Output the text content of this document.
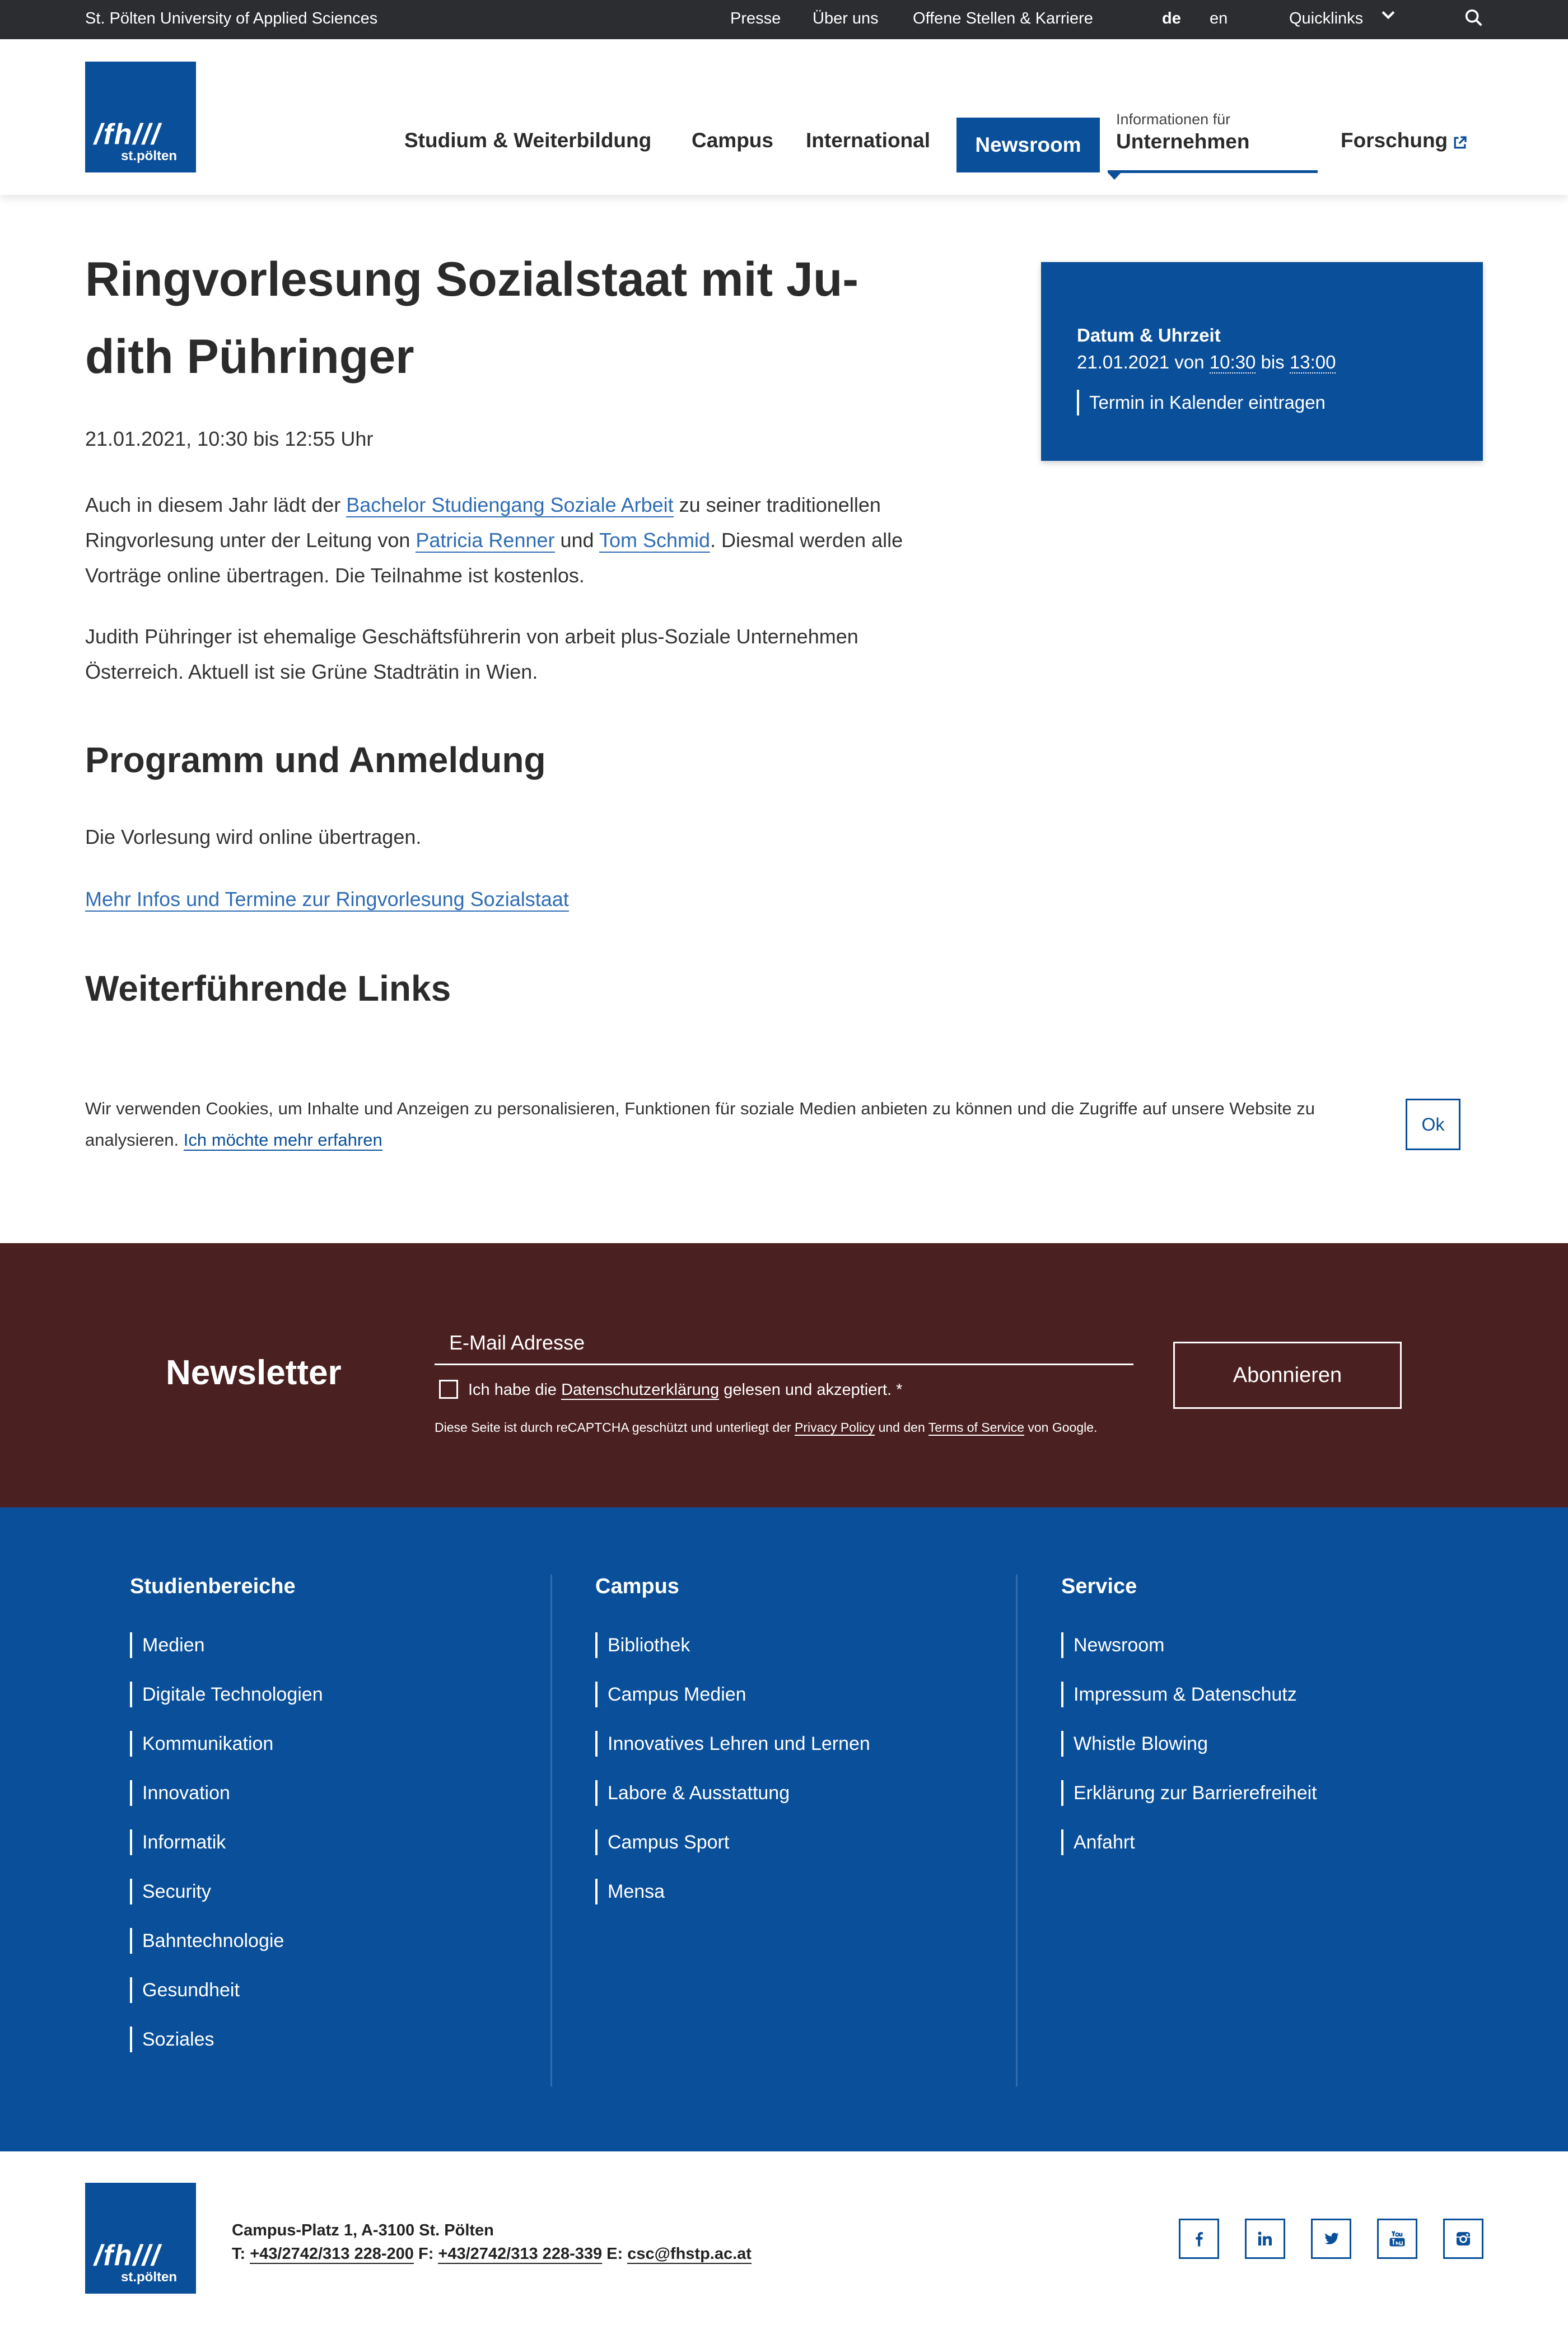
St. Pölten University of Applied Sciences	Presse Über uns Offene Stellen & Karriere	de en	Quicklinks
/fh///
st.pölten
Studium & Weiterbildung Campus International	Newsroom
Informationen für
Unternehmen	Forschung
Ringvorlesung Sozialstaat mit Ju-dith Pühringer
21.01.2021, 10:30 bis 12:55 Uhr

Auch in diesem Jahr lädt der Bachelor Studiengang Soziale Arbeit zu seiner traditionellen Ringvorlesung unter der Leitung von Patricia Renner und Tom Schmid. Diesmal werden alle Vorträge online übertragen. Die Teilnahme ist kostenlos.

Judith Pühringer ist ehemalige Geschäftsführerin von arbeit plus-Soziale Unternehmen Österreich. Aktuell ist sie Grüne Stadträtin in Wien.

Programm und Anmeldung

Die Vorlesung wird online übertragen.

Mehr Infos und Termine zur Ringvorlesung Sozialstaat

Weiterführende Links
Datum & Uhrzeit
21.01.2021 von 10:30 bis 13:00
Termin in Kalender eintragen

Wir verwenden Cookies, um Inhalte und Anzeigen zu personalisieren, Funktionen für soziale Medien anbieten zu können und die Zugriffe auf unsere Website zu analysieren. Ich möchte mehr erfahren

Ok
Newsletter
E-Mail Adresse	Ich habe die Datenschutzerklärung gelesen und akzeptiert. *
Diese Seite ist durch reCAPTCHA geschützt und unterliegt der Privacy Policy und den Terms of Service von Google.
Abonnieren
Studienbereiche
Medien
Digitale Technologien
Kommunikation
Innovation
Informatik
Security
Bahntechnologie
Gesundheit
Soziales
Campus
Bibliothek
Campus Medien
Innovatives Lehren und Lernen
Labore & Ausstattung
Campus Sport
Mensa
Service
Newsroom
Impressum & Datenschutz
Whistle Blowing
Erklärung zur Barrierefreiheit
Anfahrt
/fh///
st.pölten
Campus-Platz 1, A-3100 St. Pölten
T: +43/2742/313 228-200 F: +43/2742/313 228-339 E: csc@fhstp.ac.at
